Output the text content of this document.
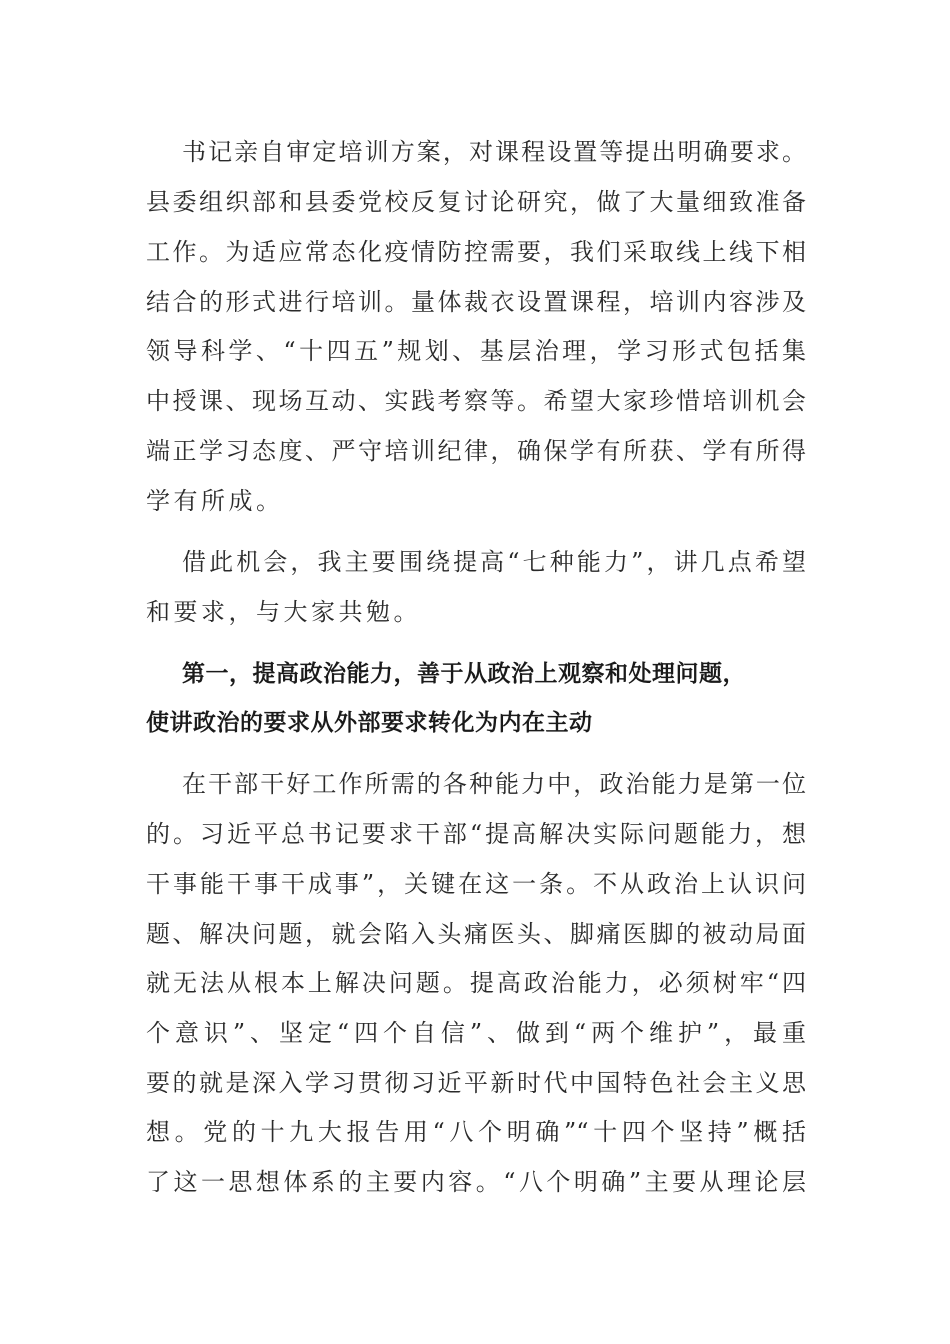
书记亲自审定培训方案，对课程设置等提出明确要求。
县委组织部和县委党校反复讨论研究，做了大量细致准备
工作。为适应常态化疫情防控需要，我们采取线上线下相
结合的形式进行培训。量体裁衣设置课程，培训内容涉及
领导科学、“十四五”规划、基层治理，学习形式包括集
中授课、现场互动、实践考察等。希望大家珍惜培训机会
端正学习态度、严守培训纪律，确保学有所获、学有所得
学有所成。
借此机会，我主要围绕提高“七种能力”，讲几点希望
和要求，与大家共勉。
第一，提高政治能力，善于从政治上观察和处理问题，
使讲政治的要求从外部要求转化为内在主动
在干部干好工作所需的各种能力中，政治能力是第一位
的。习近平总书记要求干部“提高解决实际问题能力，想
干事能干事干成事”，关键在这一条。不从政治上认识问
题、解决问题，就会陷入头痛医头、脚痛医脚的被动局面
就无法从根本上解决问题。提高政治能力，必须树牢“四
个意识”、坚定“四个自信”、做到“两个维护”，最重
要的就是深入学习贯彻习近平新时代中国特色社会主义思
想。党的十九大报告用“八个明确”“十四个坚持”概括
了这一思想体系的主要内容。“八个明确”主要从理论层
